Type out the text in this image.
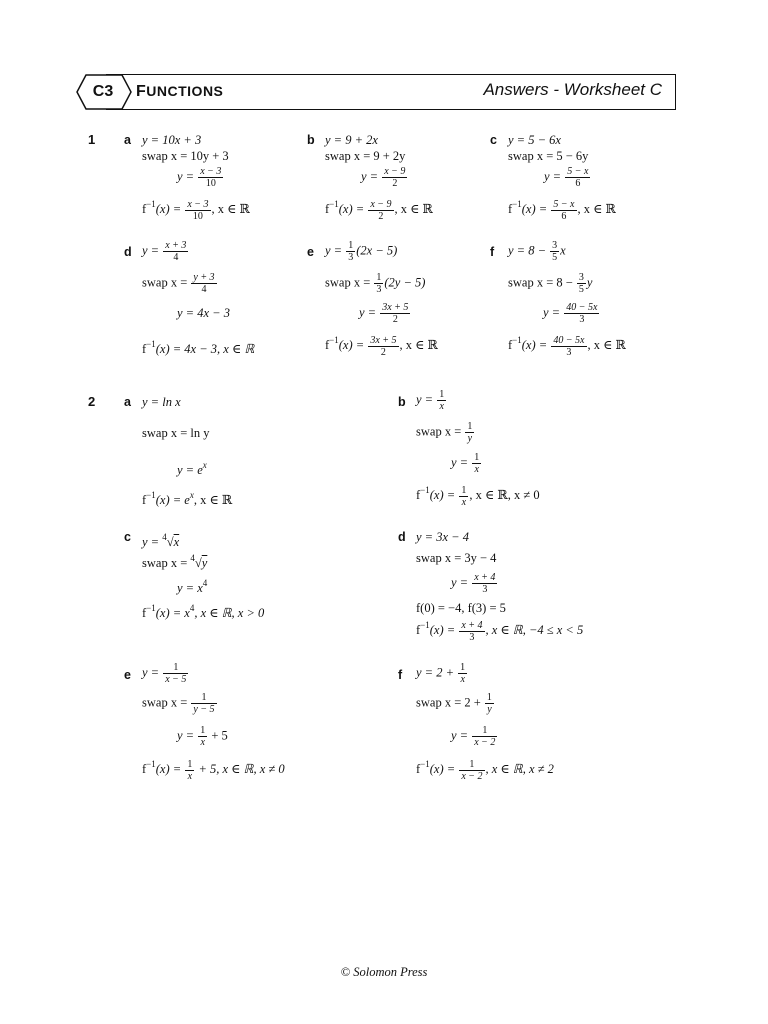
C3	FUNCTIONS	Answers - Worksheet C
1 a y = 10x + 3
swap x = 10y + 3
$y = \frac{x - 3}{10}$
$f^{-1}(x) = \frac{x - 3}{10}$ , x ∈ ℝ
b y = 9 + 2x
swap x = 9 + 2y
$y = \frac{x - 9}{2}$
$f^{-1}(x) = \frac{x - 9}{2}$ , x ∈ ℝ
c y = 5 − 6x
swap x = 5 − 6y
$y = \frac{5 - x}{6}$
$f^{-1}(x) = \frac{5 - x}{6}$ , x ∈ ℝ
d $y = \frac{x + 3}{4}$
swap $x = \frac{y + 3}{4}$
y = 4x − 3
$f^{-1}(x) = 4x - 3$, x ∈ ℝ
e $y = \frac{1}{3} (2x - 5)$
swap $x = \frac{1}{3} (2y - 5)$
$y = \frac{3x + 5}{2}$
$f^{-1}(x) = \frac{3x + 5}{2}$ , x ∈ ℝ
f $y = 8 - \frac{3}{5}$ x
swap $x = 8 - \frac{3}{5}$ y
$y = \frac{40 - 5x}{3}$
$f^{-1}(x) = \frac{40 - 5x}{3}$ , x ∈ ℝ
2 a y = ln x
swap x = ln y
$y = e^x$
$f^{-1}(x) = e^x$, x ∈ ℝ
b $y = \frac{1}{x}$
swap $x = \frac{1}{y}$
$y = \frac{1}{x}$
$f^{-1}(x) = \frac{1}{x}$ , x ∈ ℝ, x ≠ 0
c y = $^4$√x
swap x = $^4$√y
$y = x^4$
$f^{-1}(x) = x^4$, x ∈ ℝ, x > 0
d y = 3x − 4
swap x = 3y − 4
$y = \frac{x + 4}{3}$
f(0) = −4, f(3) = 5
$f^{-1}(x) = \frac{x + 4}{3}$ , x ∈ ℝ, −4 ≤ x < 5
e $y = \frac{1}{x - 5}$
swap $x = \frac{1}{y - 5}$
$y = \frac{1}{x} + 5$
$f^{-1}(x) = \frac{1}{x} + 5$, x ∈ ℝ, x ≠ 0
f $y = 2 + \frac{1}{x}$
swap $x = 2 + \frac{1}{y}$
$y = \frac{1}{x - 2}$
$f^{-1}(x) = \frac{1}{x - 2}$ , x ∈ ℝ, x ≠ 2
© Solomon Press
